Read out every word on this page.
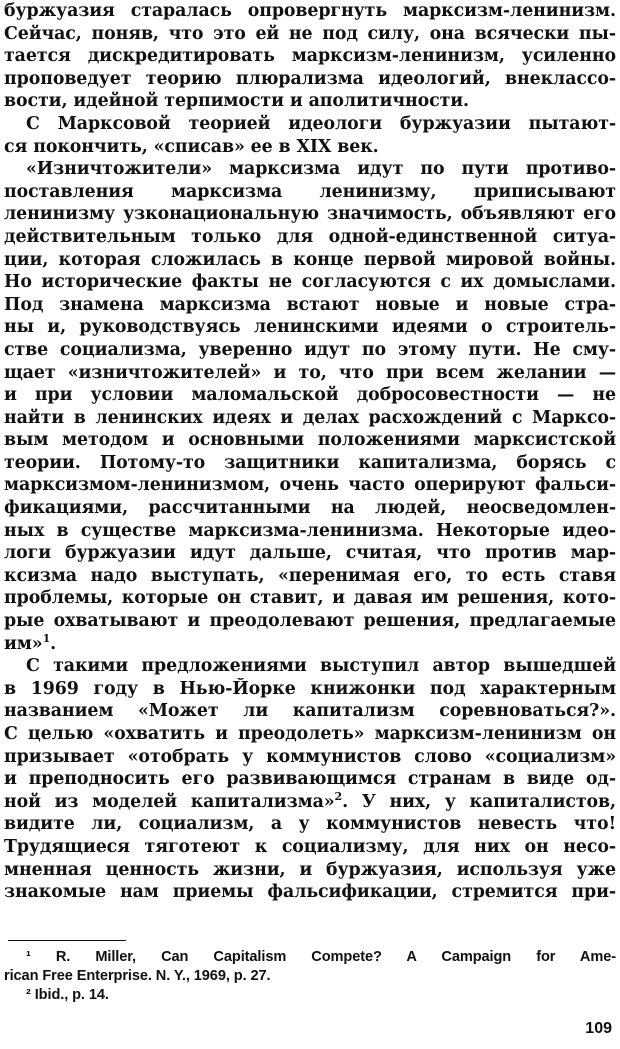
буржуазия старалась опровергнуть марксизм-ленинизм.
Сейчас, поняв, что это ей не под силу, она всячески пы-
тается дискредитировать марксизм-ленинизм, усиленно
проповедует теорию плюрализма идеологий, внеклассо-
вости, идейной терпимости и аполитичности.
С Марксовой теорией идеологи буржуазии пытают-
ся покончить, «списав» ее в XIX век.
«Изничтожители» марксизма идут по пути противо-
поставления марксизма ленинизму, приписывают
ленинизму узконациональную значимость, объявляют его
действительным только для одной-единственной ситуа-
ции, которая сложилась в конце первой мировой войны.
Но исторические факты не согласуются с их домыслами.
Под знамена марксизма встают новые и новые стра-
ны и, руководствуясь ленинскими идеями о строитель-
стве социализма, уверенно идут по этому пути. Не сму-
щает «изничтожителей» и то, что при всем желании —
и при условии маломальской добросовестности — не
найти в ленинских идеях и делах расхождений с Марксо-
вым методом и основными положениями марксистской
теории. Потому-то защитники капитализма, борясь с
марксизмом-ленинизмом, очень часто оперируют фальси-
фикациями, рассчитанными на людей, неосведомлен-
ных в существе марксизма-ленинизма. Некоторые идео-
логи буржуазии идут дальше, считая, что против мар-
ксизма надо выступать, «перенимая его, то есть ставя
проблемы, которые он ставит, и давая им решения, кото-
рые охватывают и преодолевают решения, предлагаемые
им»$^1$.
С такими предложениями выступил автор вышедшей
в 1969 году в Нью-Йорке книжонки под характерным
названием «Может ли капитализм соревноваться?».
С целью «охватить и преодолеть» марксизм-ленинизм он
призывает «отобрать у коммунистов слово «социализм»
и преподносить его развивающимся странам в виде од-
ной из моделей капитализма»$^2$. У них, у капиталистов,
видите ли, социализм, а у коммунистов невесть что!
Трудящиеся тяготеют к социализму, для них он несо-
мненная ценность жизни, и буржуазия, используя уже
знакомые нам приемы фальсификации, стремится при-
¹ R. Miller, Can Capitalism Compete? A Campaign for Ame-
rican Free Enterprise. N. Y., 1969, p. 27.
² Ibid., p. 14.
109
